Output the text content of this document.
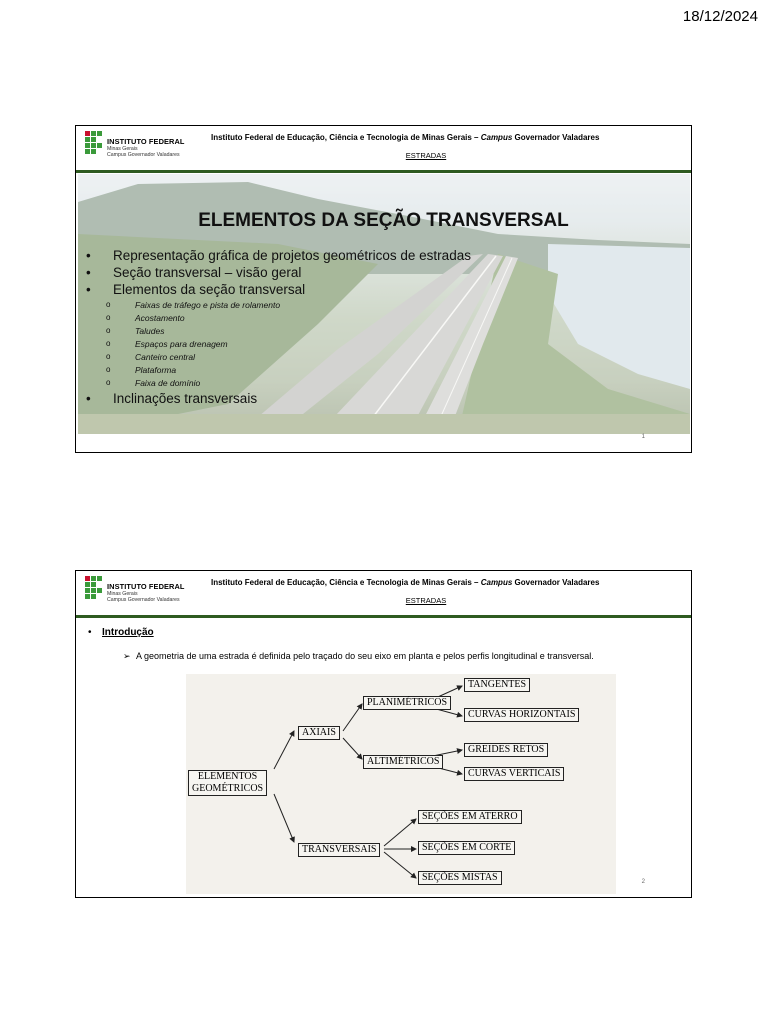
18/12/2024
INSTITUTO FEDERAL
Minas Gerais
Campus Governador Valadares
Instituto Federal de Educação, Ciência e Tecnologia de Minas Gerais – Campus Governador Valadares
ESTRADAS
ELEMENTOS DA SEÇÃO TRANSVERSAL
• Representação gráfica de projetos geométricos de estradas
• Seção transversal – visão geral
• Elementos da seção transversal
o	Faixas de tráfego e pista de rolamento
o	Acostamento
o	Taludes
o	Espaços para drenagem
o	Canteiro central
o	Plataforma
o	Faixa de domínio
• Inclinações transversais
1
INSTITUTO FEDERAL
Minas Gerais
Campus Governador Valadares
Instituto Federal de Educação, Ciência e Tecnologia de Minas Gerais – Campus Governador Valadares
ESTRADAS
• Introdução
➢ A geometria de uma estrada é definida pelo traçado do seu eixo em planta e pelos perfis longitudinal e transversal.
ELEMENTOS
GEOMÉTRICOS
AXIAIS
TRANSVERSAIS
PLANIMÉTRICOS
ALTIMÉTRICOS
TANGENTES
CURVAS HORIZONTAIS
GREIDES RETOS
CURVAS VERTICAIS
SEÇÕES EM ATERRO
SEÇÕES EM CORTE
SEÇÕES MISTAS	2
